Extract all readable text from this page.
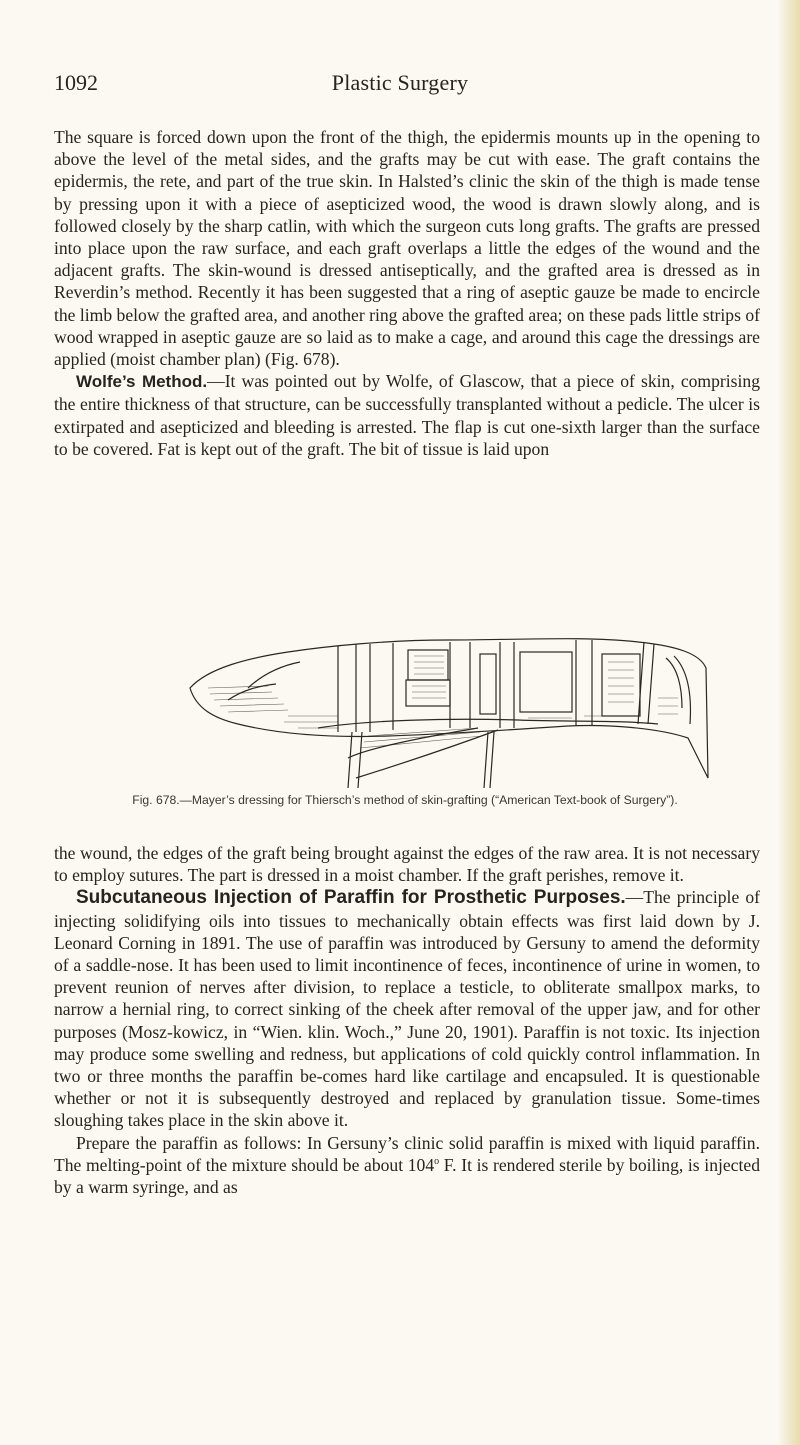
1092	Plastic Surgery

The square is forced down upon the front of the thigh, the epidermis mounts up in the opening to above the level of the metal sides, and the grafts may be cut with ease. The graft contains the epidermis, the rete, and part of the true skin. In Halsted’s clinic the skin of the thigh is made tense by pressing upon it with a piece of asepticized wood, the wood is drawn slowly along, and is followed closely by the sharp catlin, with which the surgeon cuts long grafts. The grafts are pressed into place upon the raw surface, and each graft overlaps a little the edges of the wound and the adjacent grafts. The skin-wound is dressed antiseptically, and the grafted area is dressed as in Reverdin’s method. Recently it has been suggested that a ring of aseptic gauze be made to encircle the limb below the grafted area, and another ring above the grafted area; on these pads little strips of wood wrapped in aseptic gauze are so laid as to make a cage, and around this cage the dressings are applied (moist chamber plan) (Fig. 678).

Wolfe’s Method.—It was pointed out by Wolfe, of Glascow, that a piece of skin, comprising the entire thickness of that structure, can be successfully transplanted without a pedicle. The ulcer is extirpated and asepticized and bleeding is arrested. The flap is cut one-sixth larger than the surface to be covered. Fat is kept out of the graft. The bit of tissue is laid upon

Fig. 678.—Mayer’s dressing for Thiersch’s method of skin-grafting (“American Text-book of Surgery”).

the wound, the edges of the graft being brought against the edges of the raw area. It is not necessary to employ sutures. The part is dressed in a moist chamber. If the graft perishes, remove it.

Subcutaneous Injection of Paraffin for Prosthetic Purposes.—The principle of injecting solidifying oils into tissues to mechanically obtain effects was first laid down by J. Leonard Corning in 1891. The use of paraffin was introduced by Gersuny to amend the deformity of a saddle-nose. It has been used to limit incontinence of feces, incontinence of urine in women, to prevent reunion of nerves after division, to replace a testicle, to obliterate smallpox marks, to narrow a hernial ring, to correct sinking of the cheek after removal of the upper jaw, and for other purposes (Mosz-kowicz, in “Wien. klin. Woch.,” June 20, 1901). Paraffin is not toxic. Its injection may produce some swelling and redness, but applications of cold quickly control inflammation. In two or three months the paraffin be-comes hard like cartilage and encapsuled. It is questionable whether or not it is subsequently destroyed and replaced by granulation tissue. Some-times sloughing takes place in the skin above it.

Prepare the paraffin as follows: In Gersuny’s clinic solid paraffin is mixed with liquid paraffin. The melting-point of the mixture should be about 104$^o$ F. It is rendered sterile by boiling, is injected by a warm syringe, and as
